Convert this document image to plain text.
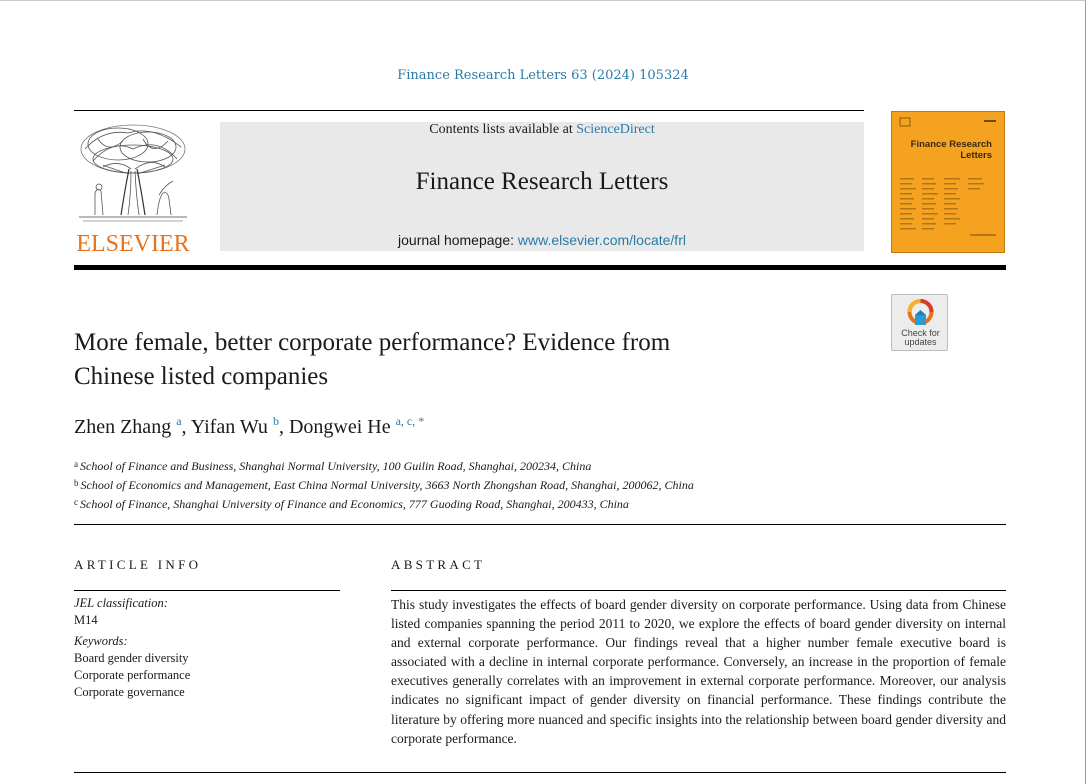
Finance Research Letters 63 (2024) 105324
ELSEVIER
Contents lists available at ScienceDirect
Finance Research Letters
journal homepage: www.elsevier.com/locate/frl
Finance Research
Letters
Check for
updates
More female, better corporate performance? Evidence from
Chinese listed companies
Zhen Zhang $^a$, Yifan Wu $^b$, Dongwei He $^{a, c, *}$
$^a$ School of Finance and Business, Shanghai Normal University, 100 Guilin Road, Shanghai, 200234, China
$^b$ School of Economics and Management, East China Normal University, 3663 North Zhongshan Road, Shanghai, 200062, China
$^c$ School of Finance, Shanghai University of Finance and Economics, 777 Guoding Road, Shanghai, 200433, China
ARTICLE INFO	ABSTRACT
JEL classification:
M14
Keywords:
Board gender diversity
Corporate performance
Corporate governance
This study investigates the effects of board gender diversity on corporate performance. Using data from Chinese listed companies spanning the period 2011 to 2020, we explore the effects of board gender diversity on internal and external corporate performance. Our findings reveal that a higher number female executive board is associated with a decline in internal corporate performance. Conversely, an increase in the proportion of female executives generally correlates with an improvement in external corporate performance. Moreover, our analysis indicates no significant impact of gender diversity on financial performance. These findings contribute the literature by offering more nuanced and specific insights into the relationship between board gender diversity and corporate performance.
